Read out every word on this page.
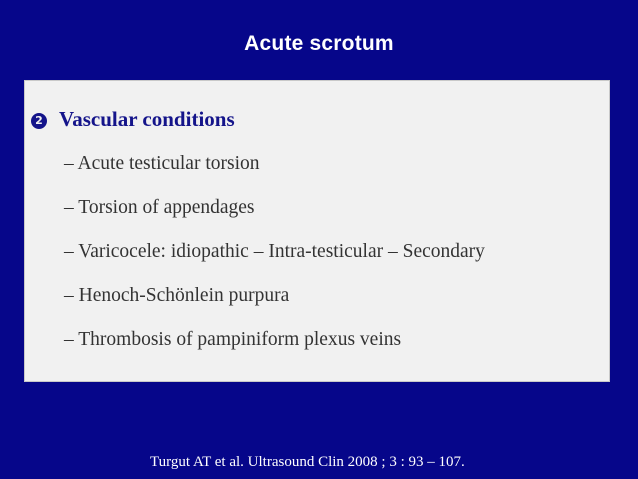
Acute scrotum
2 Vascular conditions
– Acute testicular torsion
– Torsion of appendages
– Varicocele: idiopathic – Intra-testicular – Secondary
– Henoch-Schönlein purpura
– Thrombosis of pampiniform plexus veins
Turgut AT et al. Ultrasound Clin 2008 ; 3 : 93 – 107.
